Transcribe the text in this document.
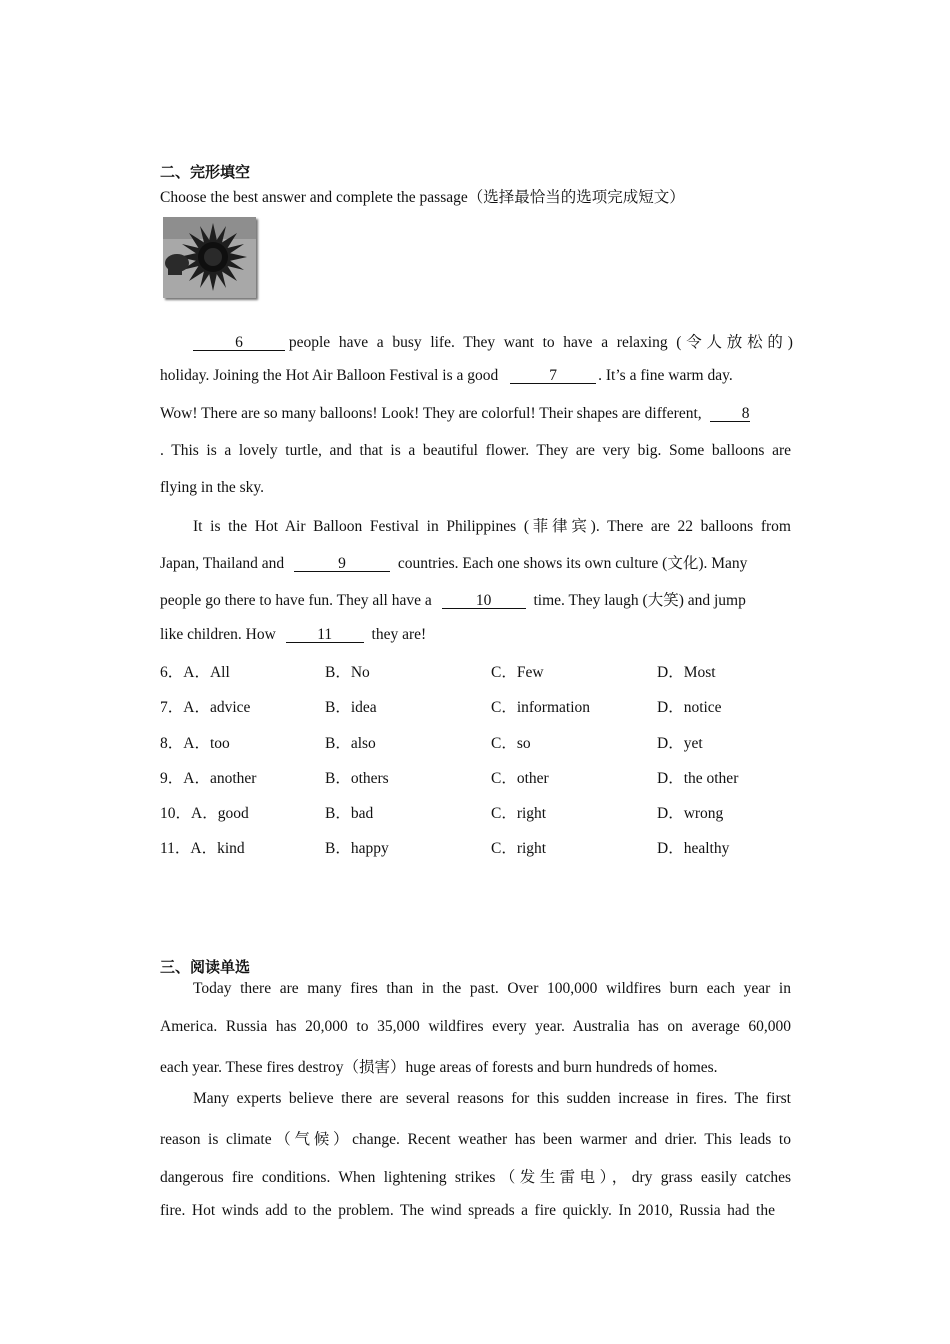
二、完形填空
Choose the best answer and complete the passage（选择最恰当的选项完成短文）
6	people have a busy life. They want to have a relaxing (令人放松的)
holiday. Joining the Hot Air Balloon Festival is a good	7	. It’s a fine warm day.
Wow! There are so many balloons! Look! They are colorful! Their shapes are different,	8
. This is a lovely turtle, and that is a beautiful flower. They are very big. Some balloons are
flying in the sky.
It is the Hot Air Balloon Festival in Philippines (菲律宾). There are 22 balloons from
Japan, Thailand and	9	countries. Each one shows its own culture (文化). Many
people go there to have fun. They all have a	10	time. They laugh (大笑) and jump
like children. How	11	they are!
6．A．All	B．No	C．Few	D．Most
7．A．advice	B．idea	C．information	D．notice
8．A．too	B．also	C．so	D．yet
9．A．another	B．others	C．other	D．the other
10．A．good	B．bad	C．right	D．wrong
11．A．kind	B．happy	C．right	D．healthy
三、阅读单选
Today there are many fires than in the past. Over 100,000 wildfires burn each year in
America. Russia has 20,000 to 35,000 wildfires every year. Australia has on average 60,000
each year. These fires destroy（损害）huge areas of forests and burn hundreds of homes.
Many experts believe there are several reasons for this sudden increase in fires. The first
reason is climate（气候）change. Recent weather has been warmer and drier. This leads to
dangerous fire conditions. When lightening strikes（发生雷电），dry grass easily catches
fire. Hot winds add to the problem. The wind spreads a fire quickly. In 2010, Russia had the
